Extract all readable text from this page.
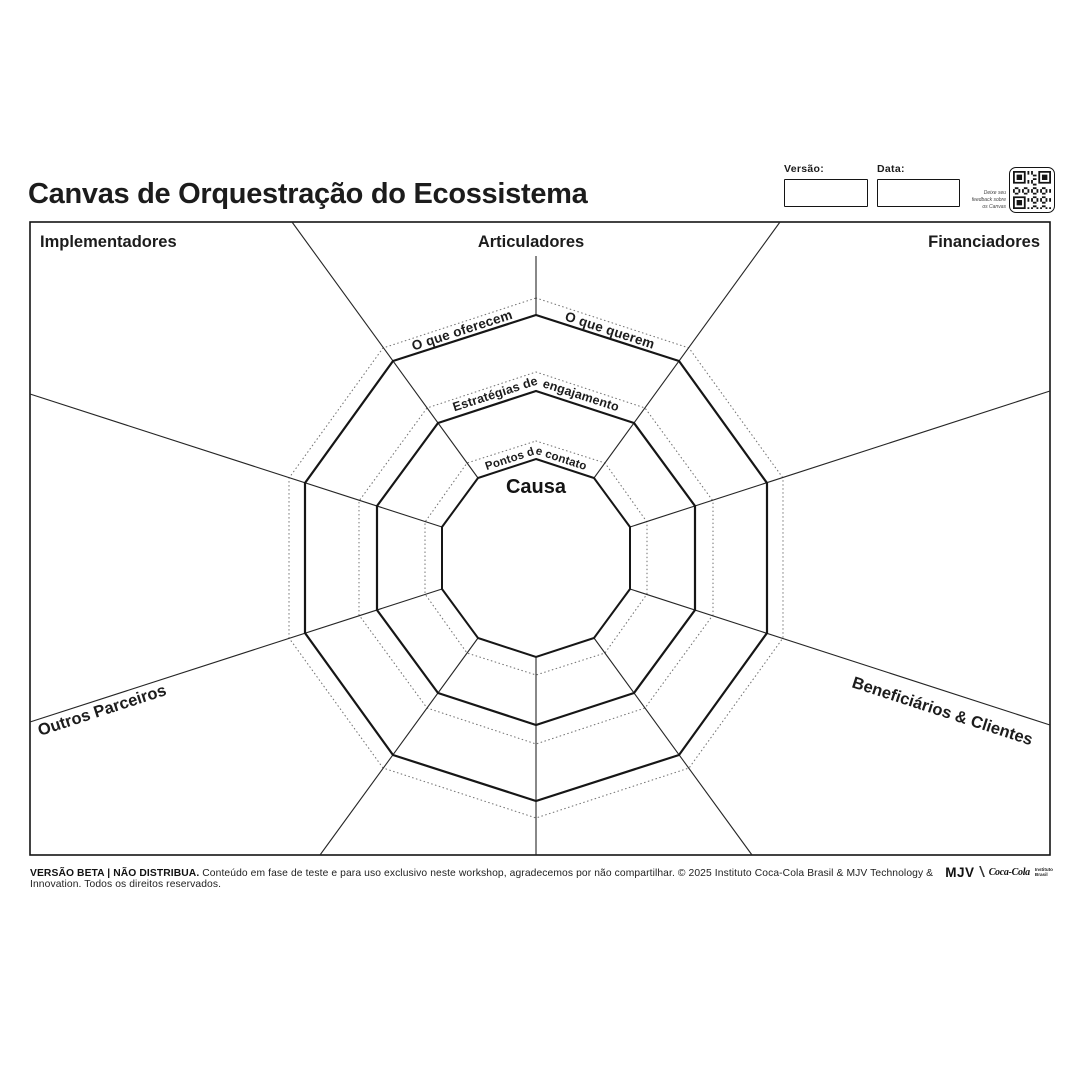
Canvas de Orquestração do Ecossistema
Versão:	Data:
Deixe seu feedback sobre os Canvas
Implementadores	Articuladores	Financiadores
Outros Parceiros	Beneficiários & Clientes
O que oferecem	O que querem
Estratégias de engajamento
Pontos de contato
Causa

VERSÃO BETA | NÃO DISTRIBUA. Conteúdo em fase de teste e para uso exclusivo neste workshop, agradecemos por não compartilhar. © 2025 Instituto Coca-Cola Brasil & MJV Technology & Innovation. Todos os direitos reservados.

MJV \ Coca-Cola Instituto
Brasil
